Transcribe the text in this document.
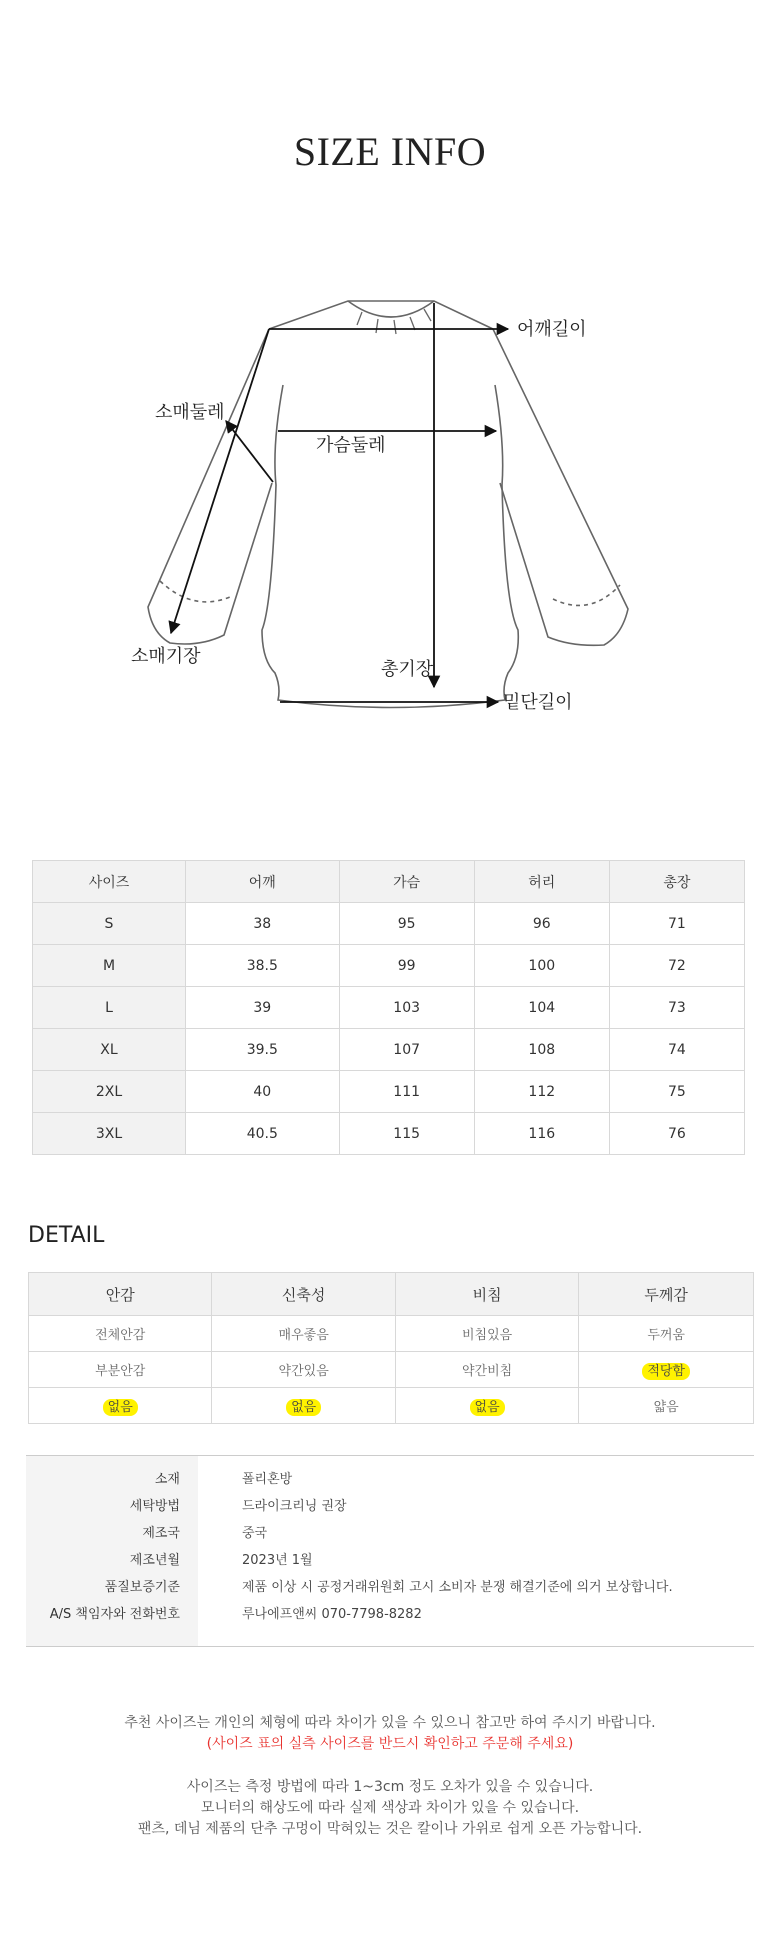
SIZE INFO
어깨길이
소매둘레
가슴둘레
소매기장
총기장
밑단길이
사이즈	어깨	가슴	허리	총장
S	38	95	96	71
M	38.5	99	100	72
L	39	103	104	73
XL	39.5	107	108	74
2XL	40	111	112	75
3XL	40.5	115	116	76
DETAIL
안감	신축성	비침	두께감
전체안감	매우좋음	비침있음	두꺼움
부분안감	약간있음	약간비침	적당함
없음	없음	없음	얇음
소재	폴리혼방
세탁방법	드라이크리닝 권장
제조국	중국
제조년월	2023년 1월
품질보증기준	제품 이상 시 공정거래위원회 고시 소비자 분쟁 해결기준에 의거 보상합니다.
A/S 책임자와 전화번호	루나에프앤씨 070-7798-8282
추천 사이즈는 개인의 체형에 따라 차이가 있을 수 있으니 참고만 하여 주시기 바랍니다.
(사이즈 표의 실측 사이즈를 반드시 확인하고 주문해 주세요)
사이즈는 측정 방법에 따라 1~3cm 정도 오차가 있을 수 있습니다.
모니터의 해상도에 따라 실제 색상과 차이가 있을 수 있습니다.
팬츠, 데님 제품의 단추 구멍이 막혀있는 것은 칼이나 가위로 쉽게 오픈 가능합니다.
